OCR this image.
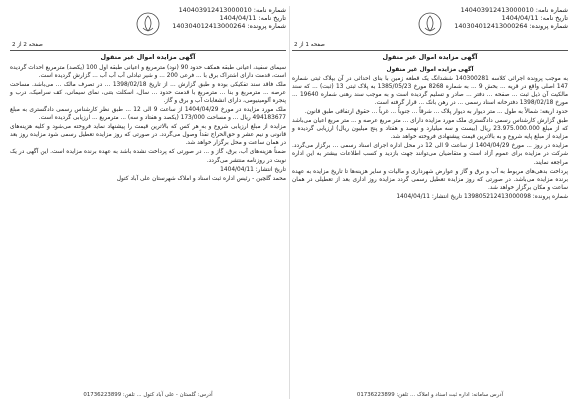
شماره نامه: 140403912413000010
تاریخ نامه: 1404/04/11
شماره پرونده: 140304012413000264
صفحه 1 از 2
آگهی مزایده اموال غیر منقول

آگهی مزایده اموال غیر منقول

به موجب پرونده اجرائی کلاسه 140300281 ششدانگ یک قطعه زمین با بنای احداثی در آن بپلاک ثبتی شماره 147 اصلی واقع در قریه ... بخش 9 ... به شماره 8268 مورخ 1385/05/23 به پلاک ثبتی 13 (ثبت) ... که سند مالکیت آن ذیل ثبت ... صفحه ... دفتر ... صادر و تسلیم گردیده است و به موجب سند رهنی شماره 19640 ... مورخ 1398/02/18 دفترخانه اسناد رسمی ... در رهن بانک ... قرار گرفته است.

حدود اربعه: شمالاً به طول ... متر دیوار به دیوار پلاک ... شرقاً ... جنوباً ... غرباً ... حقوق ارتفاقی طبق قانون.

طبق گزارش کارشناس رسمی دادگستری ملک مورد مزایده دارای ... متر مربع عرصه و ... متر مربع اعیان می‌باشد که از مبلغ 23.975.000.000 ریال (بیست و سه میلیارد و نهصد و هفتاد و پنج میلیون ریال) ارزیابی گردیده و مزایده از مبلغ پایه شروع و به بالاترین قیمت پیشنهادی فروخته خواهد شد.

مزایده در روز ... مورخ 1404/04/29 از ساعت 9 الی 12 در محل اداره اجرای اسناد رسمی ... برگزار می‌گردد. شرکت در مزایده برای عموم آزاد است و متقاضیان می‌توانند جهت بازدید و کسب اطلاعات بیشتر به این اداره مراجعه نمایند.

پرداخت بدهی‌های مربوط به آب و برق و گاز و عوارض شهرداری و مالیات و سایر هزینه‌ها تا تاریخ مزایده به عهده برنده مزایده می‌باشد. در صورتی که روز مزایده تعطیل رسمی گردد مزایده روز اداری بعد از تعطیلی در همان ساعت و مکان برگزار خواهد شد.

شماره پرونده: 139805212413000098 تاریخ انتشار: 1404/04/11

آدرس سامانه: اداره ثبت اسناد و املاک ... تلفن: 01736223899
شماره نامه: 140403912413000010
تاریخ نامه: 1404/04/11
شماره پرونده: 140304012413000264
صفحه 2 از 2
آگهی مزایده اموال غیر منقول

سیمای سفید، اعیانی طبقه همکف حدود 90 (نود) مترمربع و اعیانی طبقه اول 100 (یکصد) مترمربع احداث گردیده است، قدمت دارای اشتراک برق با ... فرعی 200 ... و شیر تبادلی آب آب آب ... گزارش گردیده است.

ملک فاقد سند تفکیکی بوده و طبق گزارش ... از تاریخ 1398/02/18 ... در تصرف مالک ... می‌باشد. مساحت عرصه ... مترمربع و بنا ... مترمربع با قدمت حدود ... سال، اسکلت بتنی، نمای سیمانی، کف سرامیک، درب و پنجره آلومینیومی، دارای انشعابات آب و برق و گاز.

ملک مورد مزایده در مورخ 1404/04/29 از ساعت 9 الی 12 ... طبق نظر کارشناس رسمی دادگستری به مبلغ 494183677 ریال ... و مساحت 173/000 (یکصد و هفتاد و سه) ... مترمربع ... ارزیابی گردیده است.

مزایده از مبلغ ارزیابی شروع و به هر کس که بالاترین قیمت را پیشنهاد نماید فروخته می‌شود و کلیه هزینه‌های قانونی و نیم عشر و حق‌الحراج نقداً وصول می‌گردد. در صورتی که روز مزایده تعطیل رسمی شود مزایده روز بعد در همان ساعت و محل برگزار خواهد شد.

ضمناً هزینه‌های آب، برق، گاز و ... در صورتی که پرداخت نشده باشد به عهده برنده مزایده است. این آگهی در یک نوبت در روزنامه منتشر می‌گردد.

تاریخ انتشار: 1404/04/11

محمد گلچین - رئیس اداره ثبت اسناد و املاک شهرستان علی آباد کتول

آدرس: گلستان - علی آباد کتول ... تلفن: 01736223899
